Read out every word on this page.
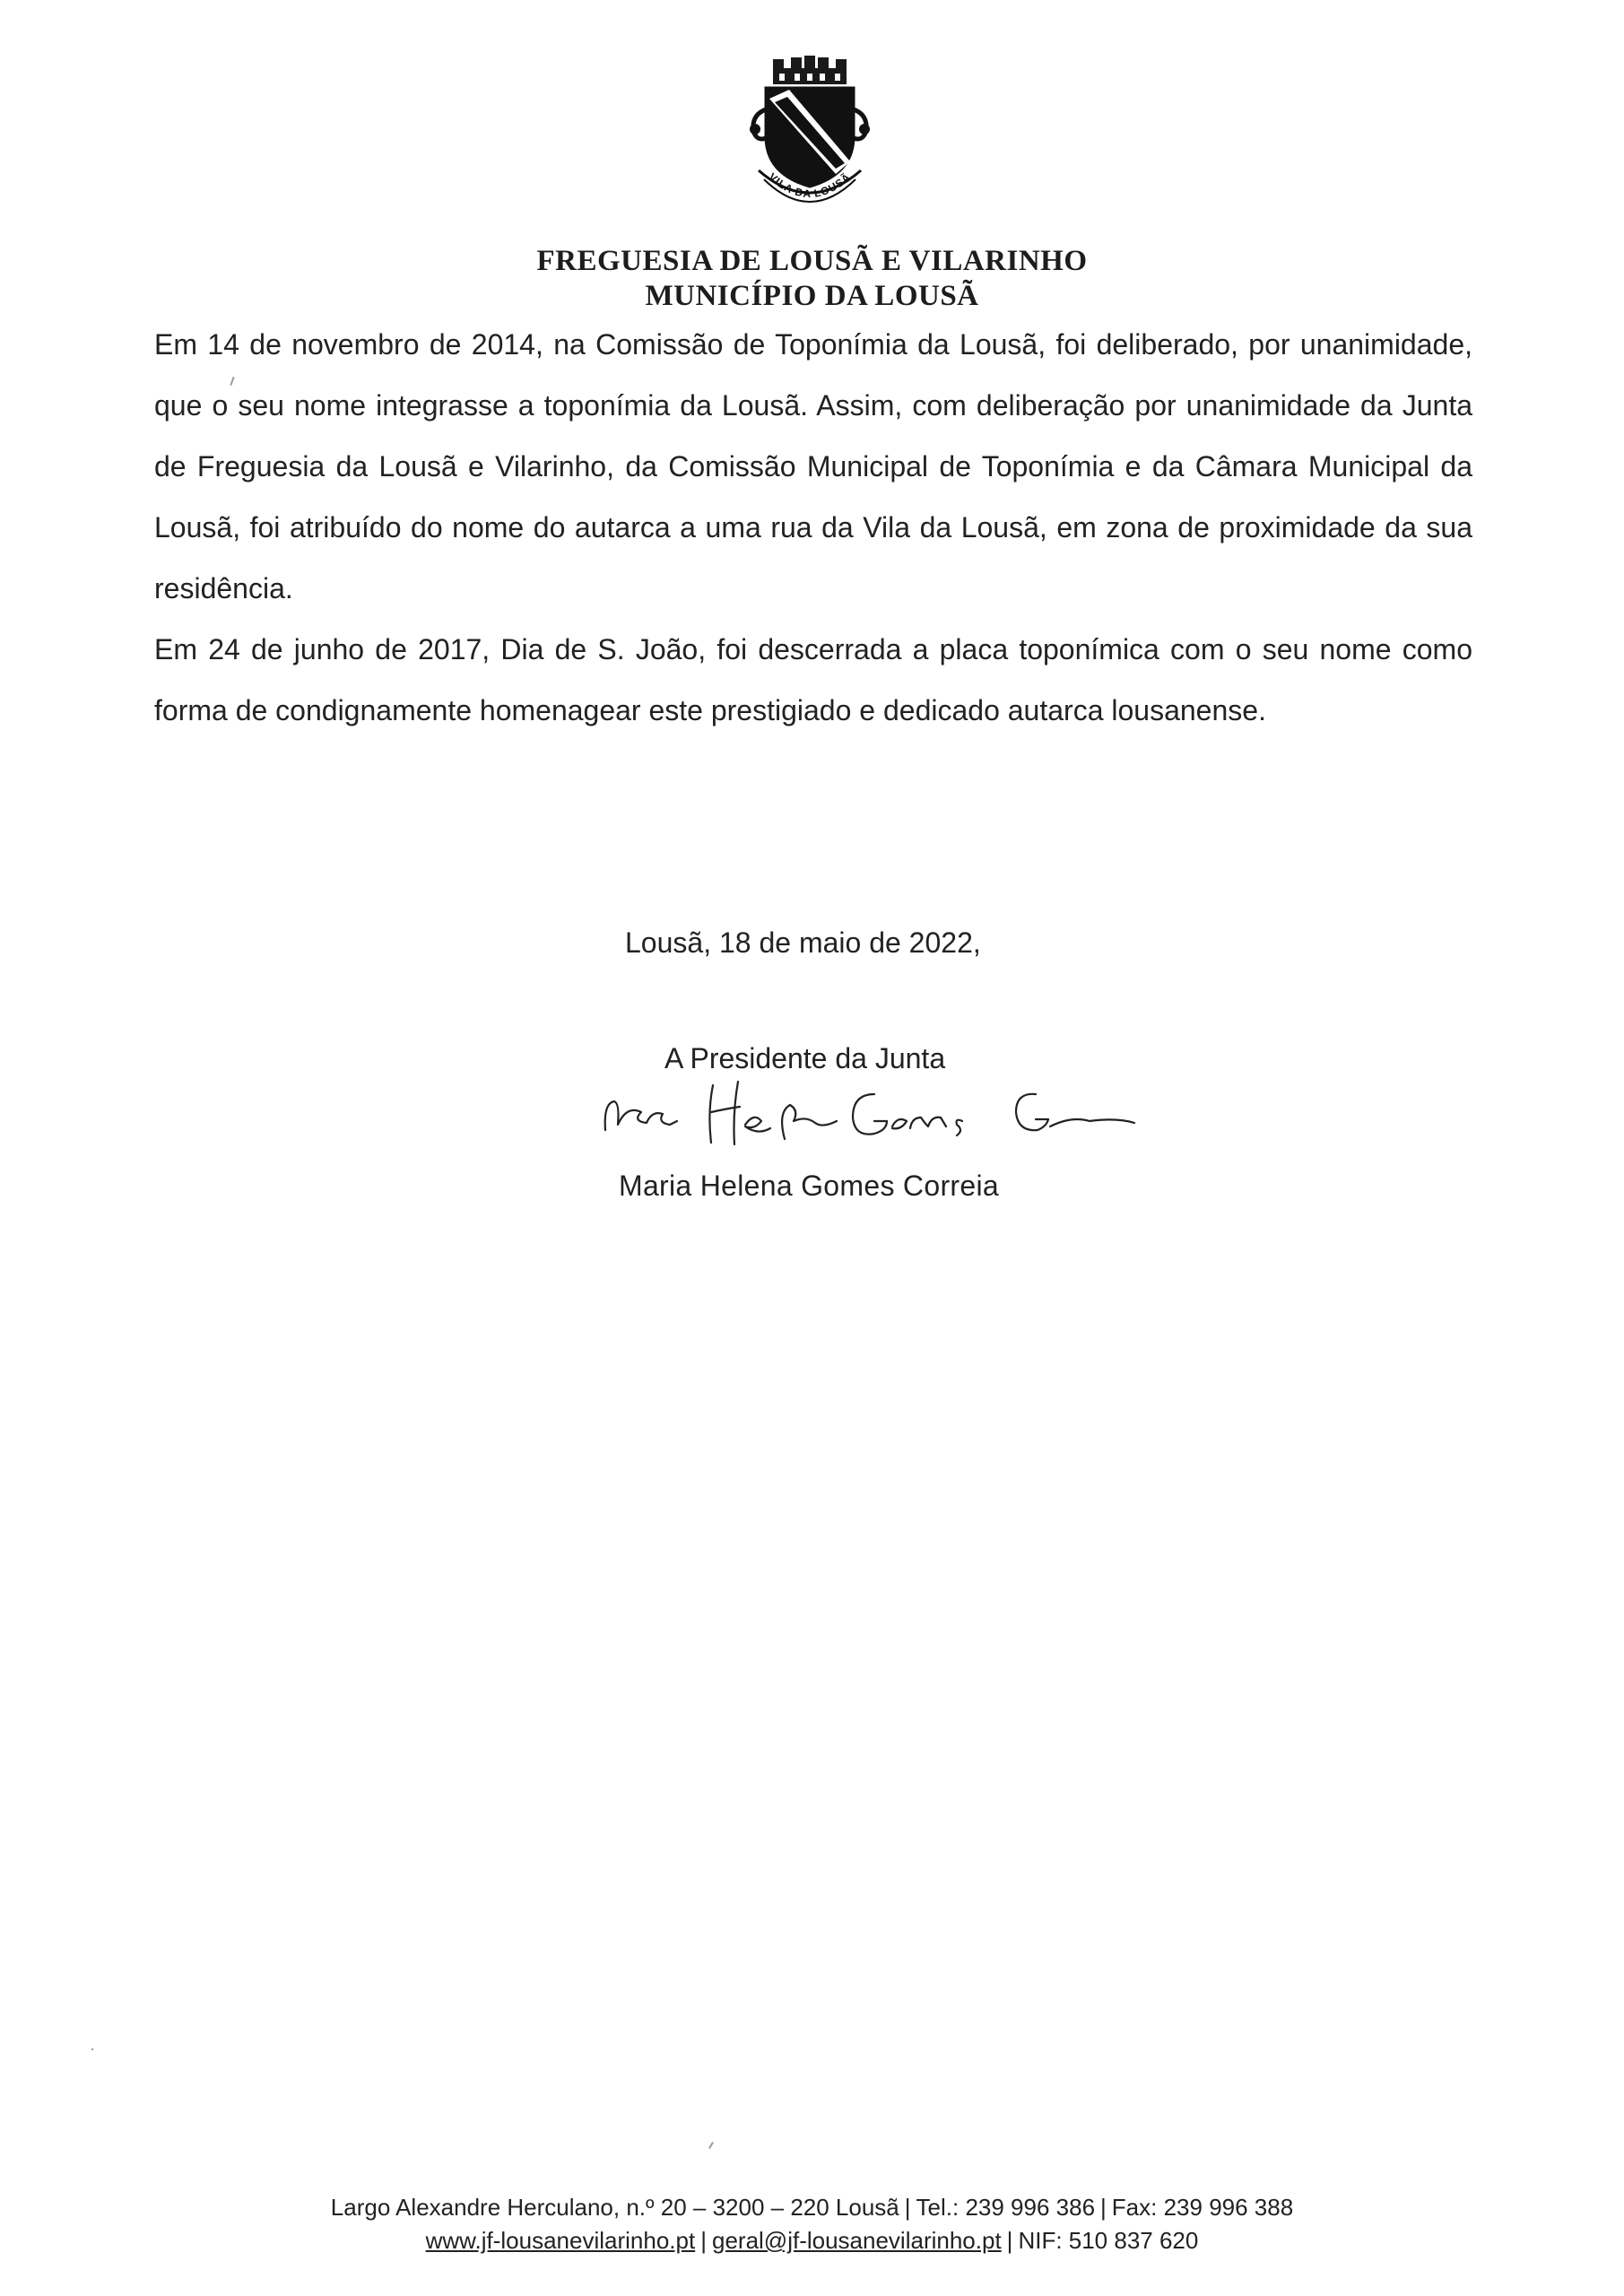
VILA DA LOUSÃ
FREGUESIA DE LOUSÃ E VILARINHO
MUNICÍPIO DA LOUSÃ

Em 14 de novembro de 2014, na Comissão de Toponímia da Lousã, foi deliberado, por unanimidade, que o seu nome integrasse a toponímia da Lousã. Assim, com deliberação por unanimidade da Junta de Freguesia da Lousã e Vilarinho, da Comissão Municipal de Toponímia e da Câmara Municipal da Lousã, foi atribuído do nome do autarca a uma rua da Vila da Lousã, em zona de proximidade da sua residência.

Em 24 de junho de 2017, Dia de S. João, foi descerrada a placa toponímica com o seu nome como forma de condignamente homenagear este prestigiado e dedicado autarca lousanense.

Lousã, 18 de maio de 2022,
A Presidente da Junta
Maria Helena Gomes Correia
Largo Alexandre Herculano, n.º 20 – 3200 – 220 Lousã | Tel.: 239 996 386 | Fax: 239 996 388
www.jf-lousanevilarinho.pt | geral@jf-lousanevilarinho.pt | NIF: 510 837 620
